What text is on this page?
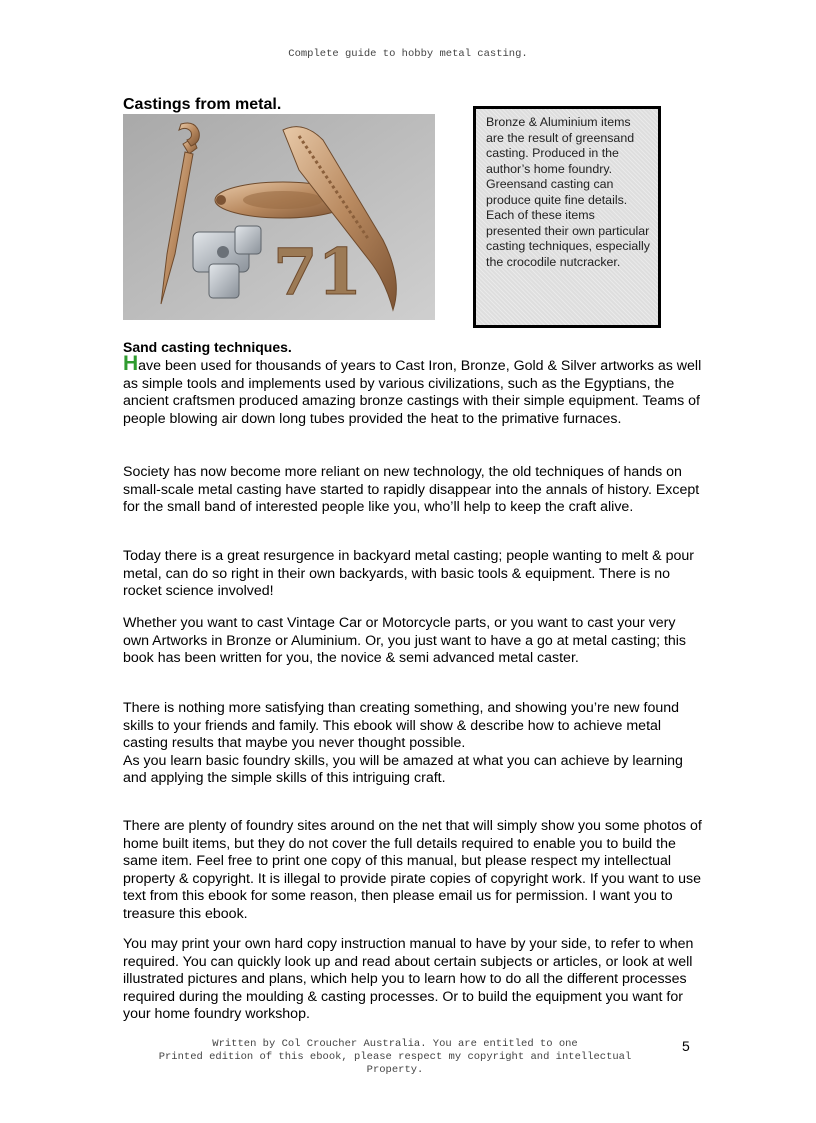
Complete guide to hobby metal casting.
Castings from metal.
71
Bronze & Aluminium items are the result of greensand casting. Produced in the author’s home foundry. Greensand casting can produce quite fine details. Each of these items presented their own particular casting techniques, especially the crocodile nutcracker.
Sand casting techniques.
Have been used for thousands of years to Cast Iron, Bronze, Gold & Silver artworks as well as simple tools and implements used by various civilizations, such as the Egyptians, the ancient craftsmen produced amazing bronze castings with their simple equipment. Teams of people blowing air down long tubes provided the heat to the primative furnaces.
Society has now become more reliant on new technology, the old techniques of hands on small-scale metal casting have started to rapidly disappear into the annals of history. Except for the small band of interested people like you, who’ll help to keep the craft alive.
Today there is a great resurgence in backyard metal casting; people wanting to melt & pour metal, can do so right in their own backyards, with basic tools & equipment. There is no rocket science involved!
Whether you want to cast Vintage Car or Motorcycle parts, or you want to cast your very own Artworks in Bronze or Aluminium. Or, you just want to have a go at metal casting; this book has been written for you, the novice & semi advanced metal caster.
There is nothing more satisfying than creating something, and showing you’re new found skills to your friends and family. This ebook will show & describe how to achieve metal casting results that maybe you never thought possible.
As you learn basic foundry skills, you will be amazed at what you can achieve by learning and applying the simple skills of this intriguing craft.
There are plenty of foundry sites around on the net that will simply show you some photos of home built items, but they do not cover the full details required to enable you to build the same item. Feel free to print one copy of this manual, but please respect my intellectual property & copyright. It is illegal to provide pirate copies of copyright work. If you want to use text from this ebook for some reason, then please email us for permission. I want you to treasure this ebook.
You may print your own hard copy instruction manual to have by your side, to refer to when required. You can quickly look up and read about certain subjects or articles, or look at well illustrated pictures and plans, which help you to learn how to do all the different processes required during the moulding & casting processes. Or to build the equipment you want for your home foundry workshop.
Written by Col Croucher Australia. You are entitled to one
Printed edition of this ebook, please respect my copyright and intellectual
Property.
5
